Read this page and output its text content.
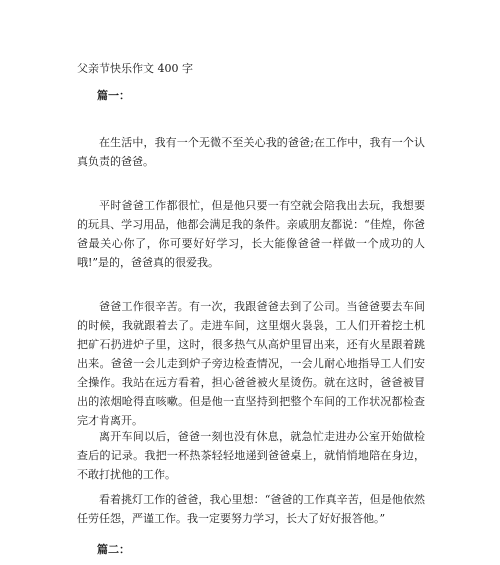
父亲节快乐作文 400 字
篇一：

在生活中，我有一个无微不至关心我的爸爸;在工作中，我有一个认真负责的爸爸。

平时爸爸工作都很忙，但是他只要一有空就会陪我出去玩，我想要的玩具、学习用品，他都会满足我的条件。亲戚朋友都说：“佳煌，你爸爸最关心你了，你可要好好学习，长大能像爸爸一样做一个成功的人哦!”是的，爸爸真的很爱我。

爸爸工作很辛苦。有一次，我跟爸爸去到了公司。当爸爸要去车间的时候，我就跟着去了。走进车间，这里烟火袅袅，工人们开着挖土机把矿石扔进炉子里，这时，很多热气从高炉里冒出来，还有火星跟着跳出来。爸爸一会儿走到炉子旁边检查情况，一会儿耐心地指导工人们安全操作。我站在远方看着，担心爸爸被火星烫伤。就在这时，爸爸被冒出的浓烟呛得直咳嗽。但是他一直坚持到把整个车间的工作状况都检查完才肯离开。

离开车间以后，爸爸一刻也没有休息，就急忙走进办公室开始做检查后的记录。我把一杯热茶轻轻地递到爸爸桌上，就悄悄地陪在身边，不敢打扰他的工作。

看着挑灯工作的爸爸，我心里想：“爸爸的工作真辛苦，但是他依然任劳任怨，严谨工作。我一定要努力学习，长大了好好报答他。”

篇二：
